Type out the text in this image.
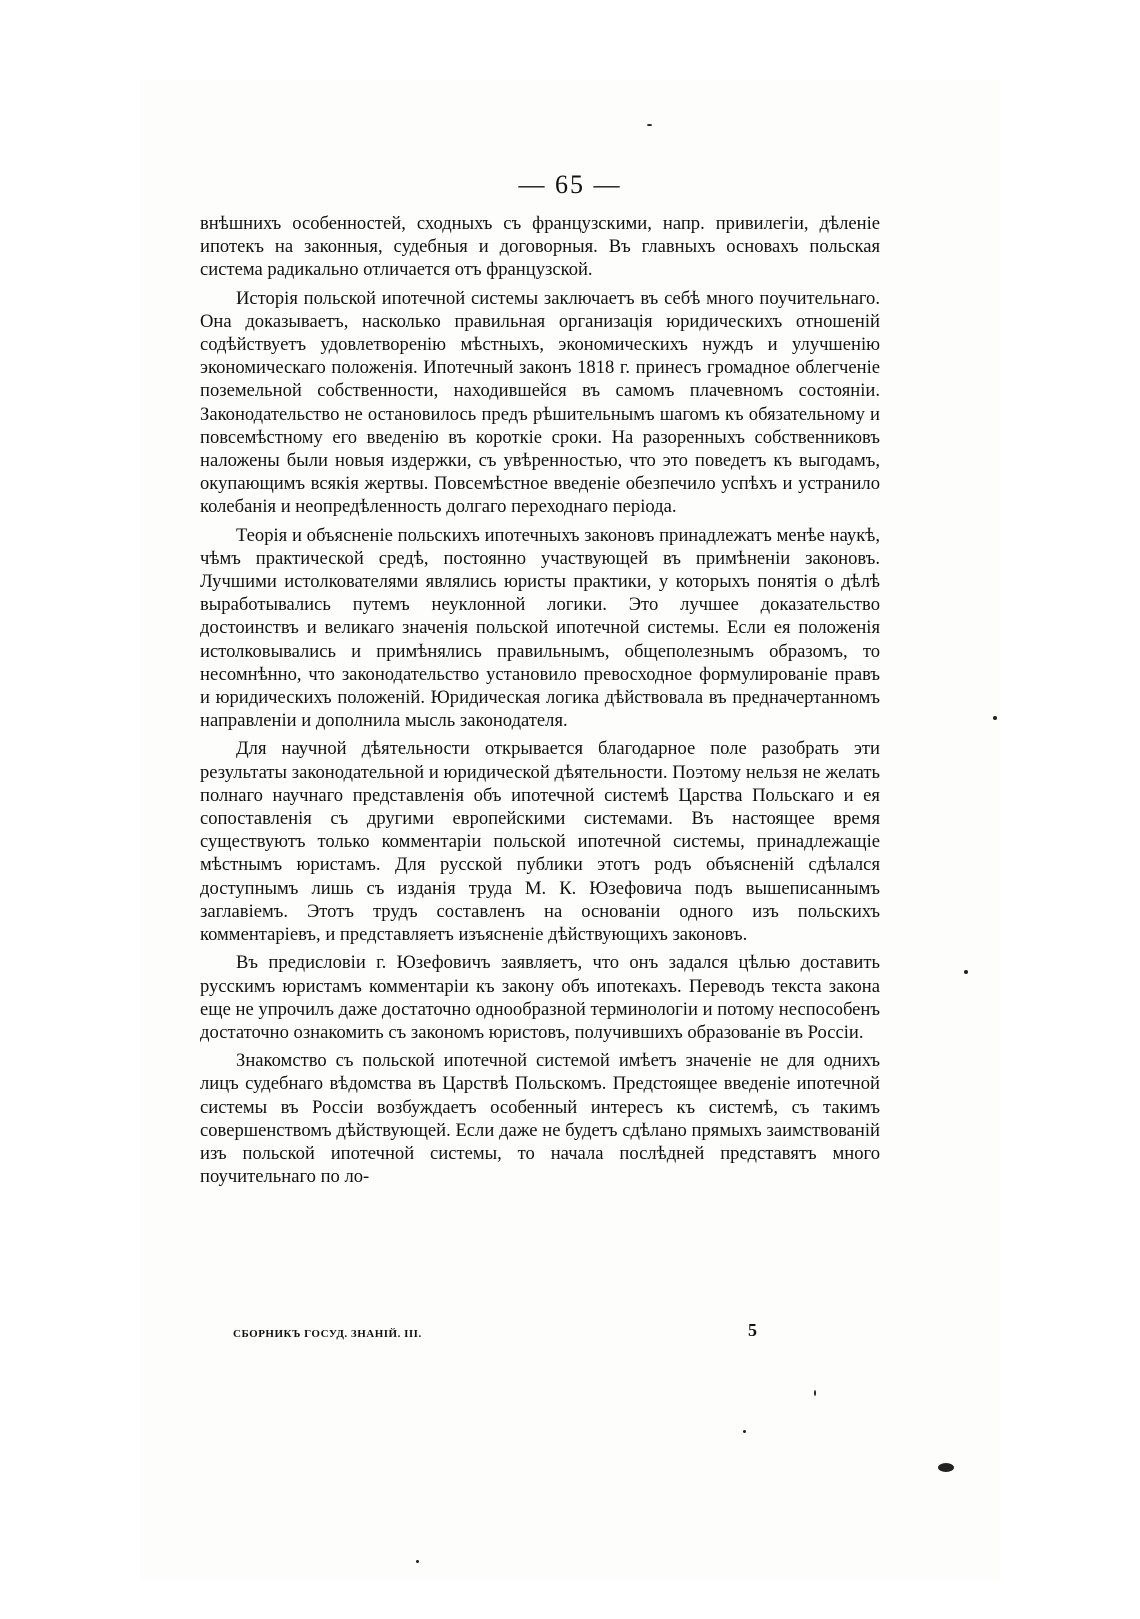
— 65 —

внѣшнихъ особенностей, сходныхъ съ французскими, напр. привилегіи, дѣленіе ипотекъ на законныя, судебныя и договорныя. Въ главныхъ основахъ польская система радикально отличается отъ французской.

Исторія польской ипотечной системы заключаетъ въ себѣ много поучительнаго. Она доказываетъ, насколько правильная организація юридическихъ отношеній содѣйствуетъ удовлетворенію мѣстныхъ, экономическихъ нуждъ и улучшенію экономическаго положенія. Ипотечный законъ 1818 г. принесъ громадное облегченіе поземельной собственности, находившейся въ самомъ плачевномъ состояніи. Законодательство не остановилось предъ рѣшительнымъ шагомъ къ обязательному и повсемѣстному его введенію въ короткіе сроки. На разоренныхъ собственниковъ наложены были новыя издержки, съ увѣренностью, что это поведетъ къ выгодамъ, окупающимъ всякія жертвы. Повсемѣстное введеніе обезпечило успѣхъ и устранило колебанія и неопредѣленность долгаго переходнаго періода.

Теорія и объясненіе польскихъ ипотечныхъ законовъ принадлежатъ менѣе наукѣ, чѣмъ практической средѣ, постоянно участвующей въ примѣненіи законовъ. Лучшими истолкователями являлись юристы практики, у которыхъ понятія о дѣлѣ выработывались путемъ неуклонной логики. Это лучшее доказательство достоинствъ и великаго значенія польской ипотечной системы. Если ея положенія истолковывались и примѣнялись правильнымъ, общеполезнымъ образомъ, то несомнѣнно, что законодательство установило превосходное формулированіе правъ и юридическихъ положеній. Юридическая логика дѣйствовала въ предначертанномъ направленіи и дополнила мысль законодателя.

Для научной дѣятельности открывается благодарное поле разобрать эти результаты законодательной и юридической дѣятельности. Поэтому нельзя не желать полнаго научнаго представленія объ ипотечной системѣ Царства Польскаго и ея сопоставленія съ другими европейскими системами. Въ настоящее время существуютъ только комментаріи польской ипотечной системы, принадлежащіе мѣстнымъ юристамъ. Для русской публики этотъ родъ объясненій сдѣлался доступнымъ лишь съ изданія труда М. К. Юзефовича подъ вышеписаннымъ заглавіемъ. Этотъ трудъ составленъ на основаніи одного изъ польскихъ комментаріевъ, и представляетъ изъясненіе дѣйствующихъ законовъ.

Въ предисловіи г. Юзефовичъ заявляетъ, что онъ задался цѣлью доставить русскимъ юристамъ комментаріи къ закону объ ипотекахъ. Переводъ текста закона еще не упрочилъ даже достаточно однообразной терминологіи и потому неспособенъ достаточно ознакомить съ закономъ юристовъ, получившихъ образованіе въ Россіи.

Знакомство съ польской ипотечной системой имѣетъ значеніе не для однихъ лицъ судебнаго вѣдомства въ Царствѣ Польскомъ. Предстоящее введеніе ипотечной системы въ Россіи возбуждаетъ особенный интересъ къ системѣ, съ такимъ совершенствомъ дѣйствующей. Если даже не будетъ сдѣлано прямыхъ заимствованій изъ польской ипотечной системы, то начала послѣдней представятъ много поучительнаго по ло-

СБОРНИКЪ ГОСУД. ЗНАНІЙ. III.	5
